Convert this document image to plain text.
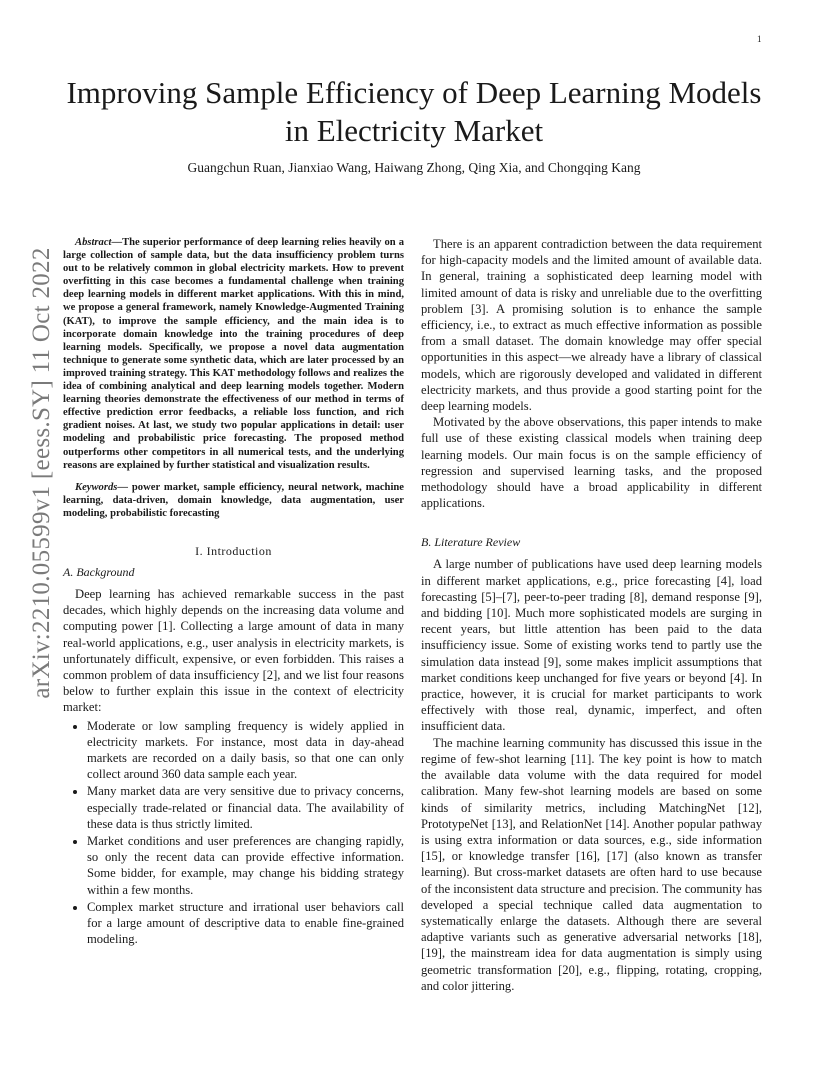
1
arXiv:2210.05599v1 [eess.SY] 11 Oct 2022
Improving Sample Efficiency of Deep Learning Models in Electricity Market

Guangchun Ruan, Jianxiao Wang, Haiwang Zhong, Qing Xia, and Chongqing Kang

Abstract—The superior performance of deep learning relies heavily on a large collection of sample data, but the data insufficiency problem turns out to be relatively common in global electricity markets. How to prevent overfitting in this case becomes a fundamental challenge when training deep learning models in different market applications. With this in mind, we propose a general framework, namely Knowledge-Augmented Training (KAT), to improve the sample efficiency, and the main idea is to incorporate domain knowledge into the training procedures of deep learning models. Specifically, we propose a novel data augmentation technique to generate some synthetic data, which are later processed by an improved training strategy. This KAT methodology follows and realizes the idea of combining analytical and deep learning models together. Modern learning theories demonstrate the effectiveness of our method in terms of effective prediction error feedbacks, a reliable loss function, and rich gradient noises. At last, we study two popular applications in detail: user modeling and probabilistic price forecasting. The proposed method outperforms other competitors in all numerical tests, and the underlying reasons are explained by further statistical and visualization results.

Keywords— power market, sample efficiency, neural network, machine learning, data-driven, domain knowledge, data augmentation, user modeling, probabilistic forecasting

I. Introduction
A. Background

Deep learning has achieved remarkable success in the past decades, which highly depends on the increasing data volume and computing power [1]. Collecting a large amount of data in many real-world applications, e.g., user analysis in electricity markets, is unfortunately difficult, expensive, or even forbidden. This raises a common problem of data insufficiency [2], and we list four reasons below to further explain this issue in the context of electricity market:

• Moderate or low sampling frequency is widely applied in electricity markets. For instance, most data in day-ahead markets are recorded on a daily basis, so that one can only collect around 360 data sample each year.
• Many market data are very sensitive due to privacy concerns, especially trade-related or financial data. The availability of these data is thus strictly limited.
• Market conditions and user preferences are changing rapidly, so only the recent data can provide effective information. Some bidder, for example, may change his bidding strategy within a few months.
• Complex market structure and irrational user behaviors call for a large amount of descriptive data to enable fine-grained modeling.

There is an apparent contradiction between the data requirement for high-capacity models and the limited amount of available data. In general, training a sophisticated deep learning model with limited amount of data is risky and unreliable due to the overfitting problem [3]. A promising solution is to enhance the sample efficiency, i.e., to extract as much effective information as possible from a small dataset. The domain knowledge may offer special opportunities in this aspect—we already have a library of classical models, which are rigorously developed and validated in different electricity markets, and thus provide a good starting point for the deep learning models.

Motivated by the above observations, this paper intends to make full use of these existing classical models when training deep learning models. Our main focus is on the sample efficiency of regression and supervised learning tasks, and the proposed methodology should have a broad applicability in different applications.

B. Literature Review

A large number of publications have used deep learning models in different market applications, e.g., price forecasting [4], load forecasting [5]–[7], peer-to-peer trading [8], demand response [9], and bidding [10]. Much more sophisticated models are surging in recent years, but little attention has been paid to the data insufficiency issue. Some of existing works tend to partly use the simulation data instead [9], some makes implicit assumptions that market conditions keep unchanged for five years or beyond [4]. In practice, however, it is crucial for market participants to work effectively with those real, dynamic, imperfect, and often insufficient data.

The machine learning community has discussed this issue in the regime of few-shot learning [11]. The key point is how to match the available data volume with the data required for model calibration. Many few-shot learning models are based on some kinds of similarity metrics, including MatchingNet [12], PrototypeNet [13], and RelationNet [14]. Another popular pathway is using extra information or data sources, e.g., side information [15], or knowledge transfer [16], [17] (also known as transfer learning). But cross-market datasets are often hard to use because of the inconsistent data structure and precision. The community has developed a special technique called data augmentation to systematically enlarge the datasets. Although there are several adaptive variants such as generative adversarial networks [18], [19], the mainstream idea for data augmentation is simply using geometric transformation [20], e.g., flipping, rotating, cropping, and color jittering.
